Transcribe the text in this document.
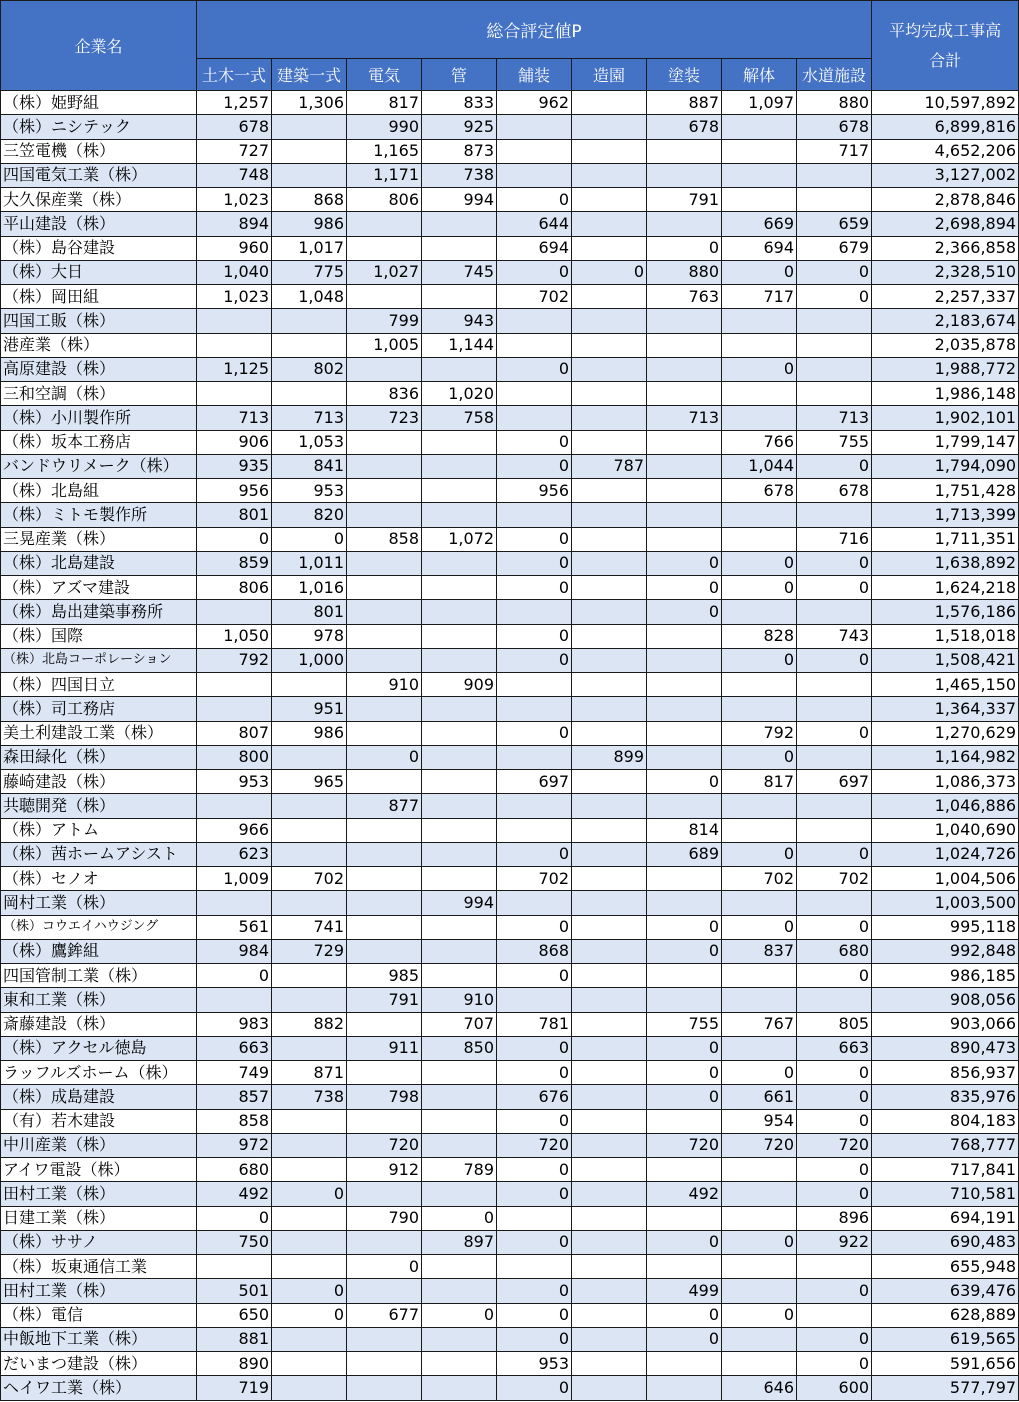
企業名	総合評定値P									平均完成工事高
合計
	土木一式	建築一式	電気	管	舗装	造園	塗装	解体	水道施設	
（株）姫野組	1,257	1,306	817	833	962		887	1,097	880	10,597,892
（株）ニシテック	678		990	925			678		678	6,899,816
三笠電機（株）	727		1,165	873					717	4,652,206
四国電気工業（株）	748		1,171	738						3,127,002
大久保産業（株）	1,023	868	806	994	0		791			2,878,846
平山建設（株）	894	986			644			669	659	2,698,894
（株）島谷建設	960	1,017			694		0	694	679	2,366,858
（株）大日	1,040	775	1,027	745	0	0	880	0	0	2,328,510
（株）岡田組	1,023	1,048			702		763	717	0	2,257,337
四国工販（株）			799	943						2,183,674
港産業（株）			1,005	1,144						2,035,878
高原建設（株）	1,125	802			0			0		1,988,772
三和空調（株）			836	1,020						1,986,148
（株）小川製作所	713	713	723	758			713		713	1,902,101
（株）坂本工務店	906	1,053			0			766	755	1,799,147
バンドウリメーク（株）	935	841			0	787		1,044	0	1,794,090
（株）北島組	956	953			956			678	678	1,751,428
（株）ミトモ製作所	801	820								1,713,399
三晃産業（株）	0	0	858	1,072	0				716	1,711,351
（株）北島建設	859	1,011			0		0	0	0	1,638,892
（株）アズマ建設	806	1,016			0		0	0	0	1,624,218
（株）島出建築事務所		801					0			1,576,186
（株）国際	1,050	978			0			828	743	1,518,018
（株）北島コーポレーション	792	1,000			0			0	0	1,508,421
（株）四国日立			910	909						1,465,150
（株）司工務店		951								1,364,337
美土利建設工業（株）	807	986			0			792	0	1,270,629
森田緑化（株）	800		0			899		0		1,164,982
藤崎建設（株）	953	965			697		0	817	697	1,086,373
共聴開発（株）			877							1,046,886
（株）アトム	966						814			1,040,690
（株）茜ホームアシスト	623				0		689	0	0	1,024,726
（株）セノオ	1,009	702			702			702	702	1,004,506
岡村工業（株）				994						1,003,500
（株）コウエイハウジング	561	741			0		0	0	0	995,118
（株）鷹鉾組	984	729			868		0	837	680	992,848
四国管制工業（株）	0		985		0				0	986,185
東和工業（株）			791	910						908,056
斎藤建設（株）	983	882		707	781		755	767	805	903,066
（株）アクセル徳島	663		911	850	0		0		663	890,473
ラッフルズホーム（株）	749	871			0		0	0	0	856,937
（株）成島建設	857	738	798		676		0	661	0	835,976
（有）若木建設	858				0			954	0	804,183
中川産業（株）	972		720		720		720	720	720	768,777
アイワ電設（株）	680		912	789	0				0	717,841
田村工業（株）	492	0			0		492		0	710,581
日建工業（株）	0		790	0					896	694,191
（株）ササノ	750			897	0		0	0	922	690,483
（株）坂東通信工業			0							655,948
田村工業（株）	501	0			0		499		0	639,476
（株）電信	650	0	677	0	0		0	0		628,889
中飯地下工業（株）	881				0		0		0	619,565
だいまつ建設（株）	890				953				0	591,656
ヘイワ工業（株）	719				0			646	600	577,797
